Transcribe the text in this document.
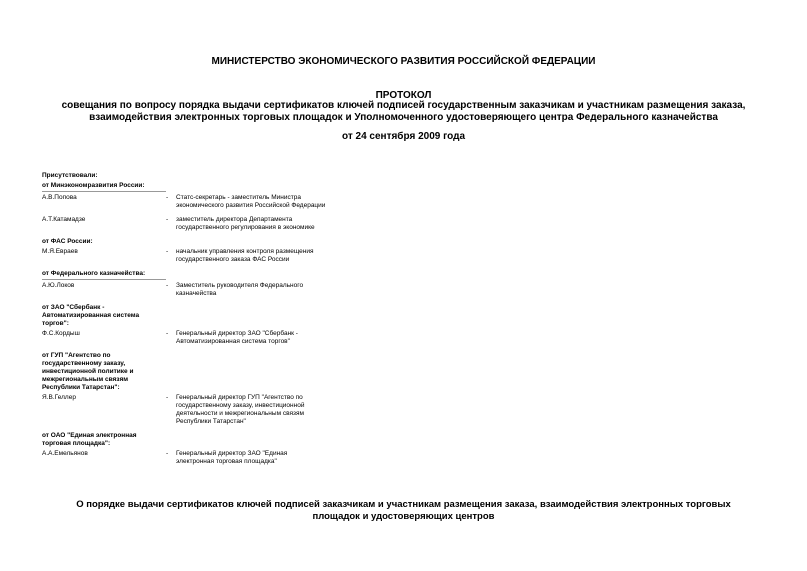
МИНИСТЕРСТВО ЭКОНОМИЧЕСКОГО РАЗВИТИЯ РОССИЙСКОЙ ФЕДЕРАЦИИ
ПРОТОКОЛ
совещания по вопросу порядка выдачи сертификатов ключей подписей государственным заказчикам и участникам размещения заказа, взаимодействия электронных торговых площадок и Уполномоченного удостоверяющего центра Федерального казначейства
от 24 сентября 2009 года
Присутствовали:
от Минэкономразвития России:
А.В.Попова	-	Статс-секретарь - заместитель Министра экономического развития Российской Федерации
А.Т.Катамадзе	-	заместитель директора Департамента государственного регулирования в экономике
от ФАС России:
М.Я.Евраев	-	начальник управления контроля размещения государственного заказа ФАС России
от Федерального казначейства:
А.Ю.Локов	-	Заместитель руководителя Федерального казначейства
от ЗАО "Сбербанк - Автоматизированная система торгов":
Ф.С.Кордыш	-	Генеральный директор ЗАО "Сбербанк - Автоматизированная система торгов"
от ГУП "Агентство по государственному заказу, инвестиционной политике и межрегиональным связям Республики Татарстан":
Я.В.Геллер	-	Генеральный директор ГУП "Агентство по государственному заказу, инвестиционной деятельности и межрегиональным связям Республики Татарстан"
от ОАО "Единая электронная торговая площадка":
А.А.Емельянов	-	Генеральный директор ЗАО "Единая электронная торговая площадка"
О порядке выдачи сертификатов ключей подписей заказчикам и участникам размещения заказа, взаимодействия электронных торговых площадок и удостоверяющих центров
